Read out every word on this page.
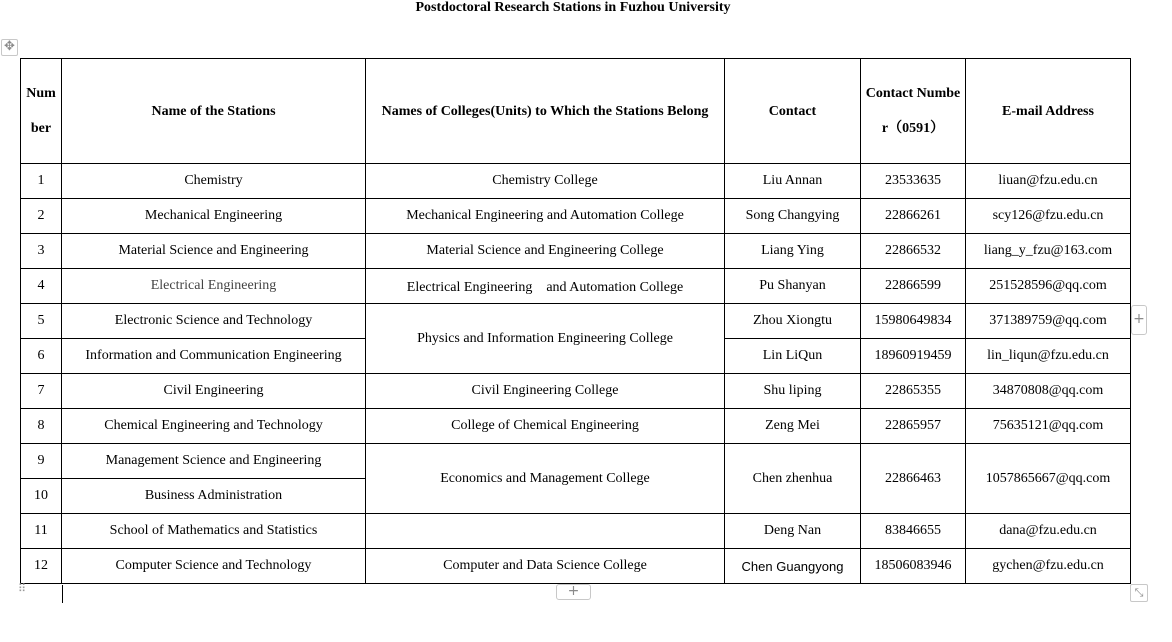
Postdoctoral Research Stations in Fuzhou University
✥
Number	Name of the Stations	Names of Colleges(Units) to Which the Stations Belong	Contact	Contact Number（0591）	E-mail Address
1	Chemistry	Chemistry College	Liu Annan	23533635	liuan@fzu.edu.cn
2	Mechanical Engineering	Mechanical Engineering and Automation College	Song Changying	22866261	scy126@fzu.edu.cn
3	Material Science and Engineering	Material Science and Engineering College	Liang Ying	22866532	liang_y_fzu@163.com
4	Electrical Engineering	Electrical Engineering　and Automation College	Pu Shanyan	22866599	251528596@qq.com
5	Electronic Science and Technology	Physics and Information Engineering College	Zhou Xiongtu	15980649834	371389759@qq.com
6	Information and Communication Engineering		Lin LiQun	18960919459	lin_liqun@fzu.edu.cn
7	Civil Engineering	Civil Engineering College	Shu liping	22865355	34870808@qq.com
8	Chemical Engineering and Technology	College of Chemical Engineering	Zeng Mei	22865957	75635121@qq.com
9	Management Science and Engineering	Economics and Management College	Chen zhenhua	22866463	1057865667@qq.com
10	Business Administration				
11	School of Mathematics and Statistics		Deng Nan	83846655	dana@fzu.edu.cn
12	Computer Science and Technology	Computer and Data Science College	Chen Guangyong	18506083946	gychen@fzu.edu.cn
+
⠿	+	⤡
